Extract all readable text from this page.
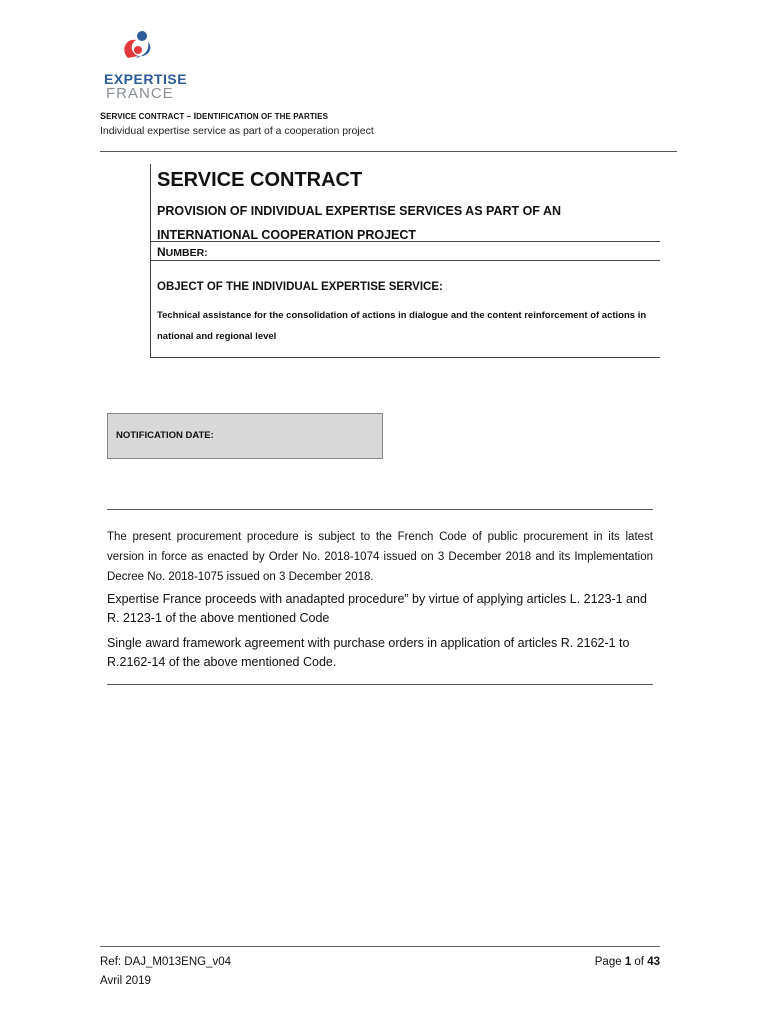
EXPERTISE
FRANCE
SERVICE CONTRACT – IDENTIFICATION OF THE PARTIES
Individual expertise service as part of a cooperation project
SERVICE CONTRACT
PROVISION OF INDIVIDUAL EXPERTISE SERVICES AS PART OF AN INTERNATIONAL COOPERATION PROJECT
NUMBER:
OBJECT OF THE INDIVIDUAL EXPERTISE SERVICE:
Technical assistance for the consolidation of actions in dialogue and the content reinforcement of actions in national and regional level
NOTIFICATION DATE:
The present procurement procedure is subject to the French Code of public procurement in its latest version in force as enacted by Order No. 2018-1074 issued on 3 December 2018 and its Implementation Decree No. 2018-1075 issued on 3 December 2018.
Expertise France proceeds with anadapted procedure” by virtue of applying articles L. 2123-1 and R. 2123-1 of the above mentioned Code
Single award framework agreement with purchase orders in application of articles R. 2162-1 to R.2162-14 of the above mentioned Code.
Ref: DAJ_M013ENG_v04
Avril 2019
Page 1 of 43
